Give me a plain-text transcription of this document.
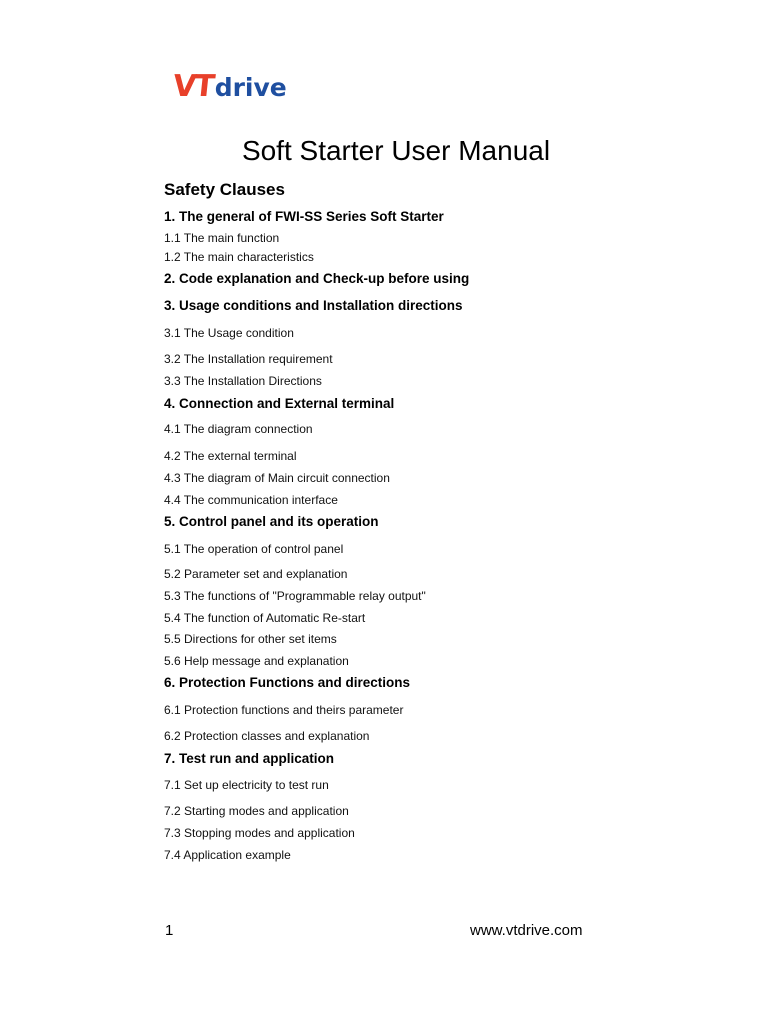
VT drive
Soft Starter User Manual
Safety Clauses
1. The general of FWI-SS Series Soft Starter
1.1 The main function
1.2 The main characteristics
2. Code explanation and Check-up before using
3. Usage conditions and Installation directions
3.1 The Usage condition
3.2 The Installation requirement
3.3 The Installation Directions
4. Connection and External terminal
4.1 The diagram connection
4.2 The external terminal
4.3 The diagram of Main circuit connection
4.4 The communication interface
5. Control panel and its operation
5.1 The operation of control panel
5.2 Parameter set and explanation
5.3 The functions of "Programmable relay output"
5.4 The function of Automatic Re-start
5.5 Directions for other set items
5.6 Help message and explanation
6. Protection Functions and directions
6.1 Protection functions and theirs parameter
6.2 Protection classes and explanation
7. Test run and application
7.1 Set up electricity to test run
7.2 Starting modes and application
7.3 Stopping modes and application
7.4 Application example
1	www.vtdrive.com
